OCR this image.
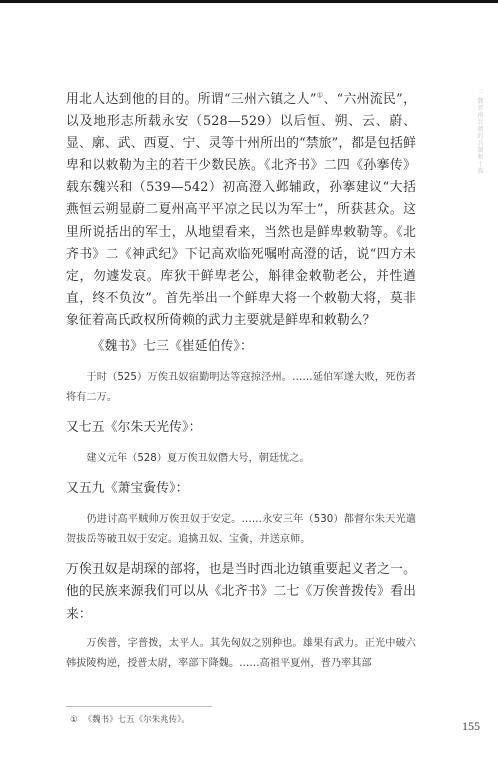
二 魏晋南北朝的兵制和士族

用北人达到他的目的。所谓“三州六镇之人”①、“六州流民”，以及地形志所载永安（528—529）以后恒、朔、云、蔚、显、廓、武、西夏、宁、灵等十州所出的“禁旅”，都是包括鲜卑和以敕勒为主的若干少数民族。《北齐书》二四《孙搴传》载东魏兴和（539—542）初高澄入邺辅政，孙搴建议“大括燕恒云朔显蔚二夏州高平平凉之民以为军士”，所获甚众。这里所说括出的军士，从地望看来，当然也是鲜卑敕勒等。《北齐书》二《神武纪》下记高欢临死嘱咐高澄的话，说“四方未定，勿遽发哀。库狄干鲜卑老公，斛律金敕勒老公，并性遒直，终不负汝”。首先举出一个鲜卑大将一个敕勒大将，莫非象征着高氏政权所倚赖的武力主要就是鲜卑和敕勒么？

《魏书》七三《崔延伯传》：

于时（525）万俟丑奴宿勤明达等寇掠泾州。……延伯军遂大败，死伤者将有二万。

又七五《尔朱天光传》：

建义元年（528）夏万俟丑奴僭大号，朝廷忧之。

又五九《萧宝夤传》：

仍进讨高平贼帅万俟丑奴于安定。……永安三年（530）都督尔朱天光遣贺拔岳等破丑奴于安定。追擒丑奴、宝夤，并送京师。

万俟丑奴是胡琛的部将，也是当时西北边镇重要起义者之一。他的民族来源我们可以从《北齐书》二七《万俟普拨传》看出来：

万俟普，字普拨，太平人。其先匈奴之别种也。雄果有武力。正光中破六韩拔陵构逆，授普太尉，率部下降魏。……高祖平夏州，普乃率其部

① 《魏书》七五《尔朱兆传》。	155
